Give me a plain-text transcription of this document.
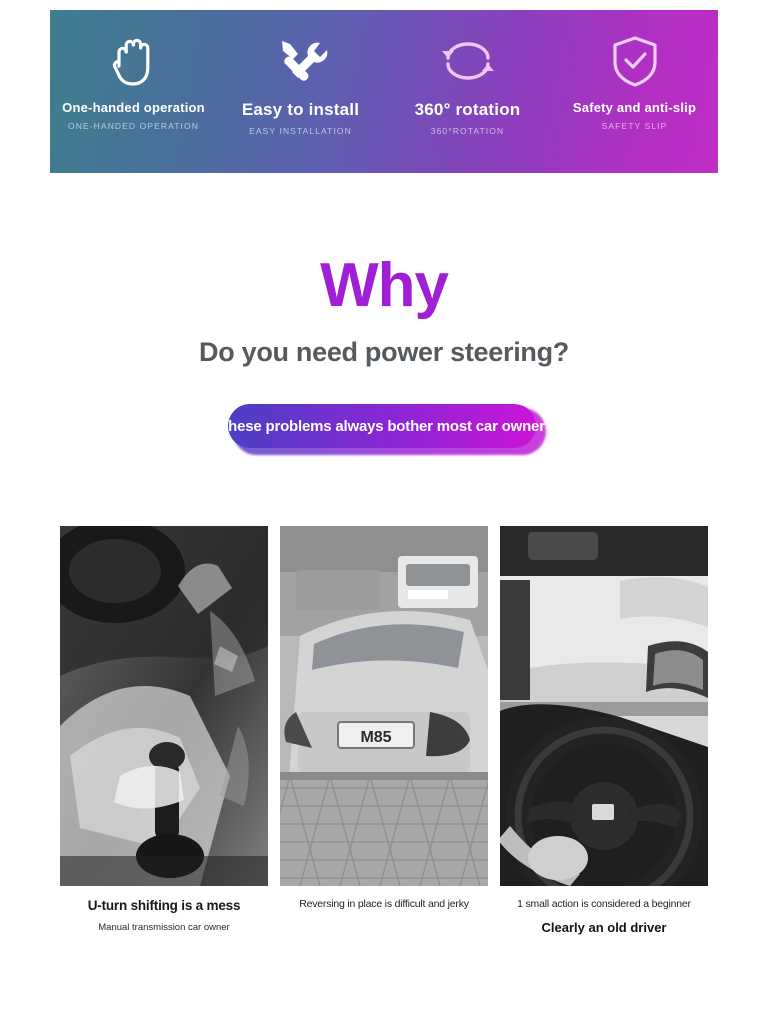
One-handed operation
ONE-HANDED OPERATION
Easy to install
EASY INSTALLATION
360° rotation
360°ROTATION
Safety and anti-slip
SAFETY SLIP
Why
Do you need power steering?
These problems always bother most car owner
M85
U-turn shifting is a mess
Manual transmission car owner
Reversing in place is difficult and jerky	1 small action is considered a beginner
Clearly an old driver
